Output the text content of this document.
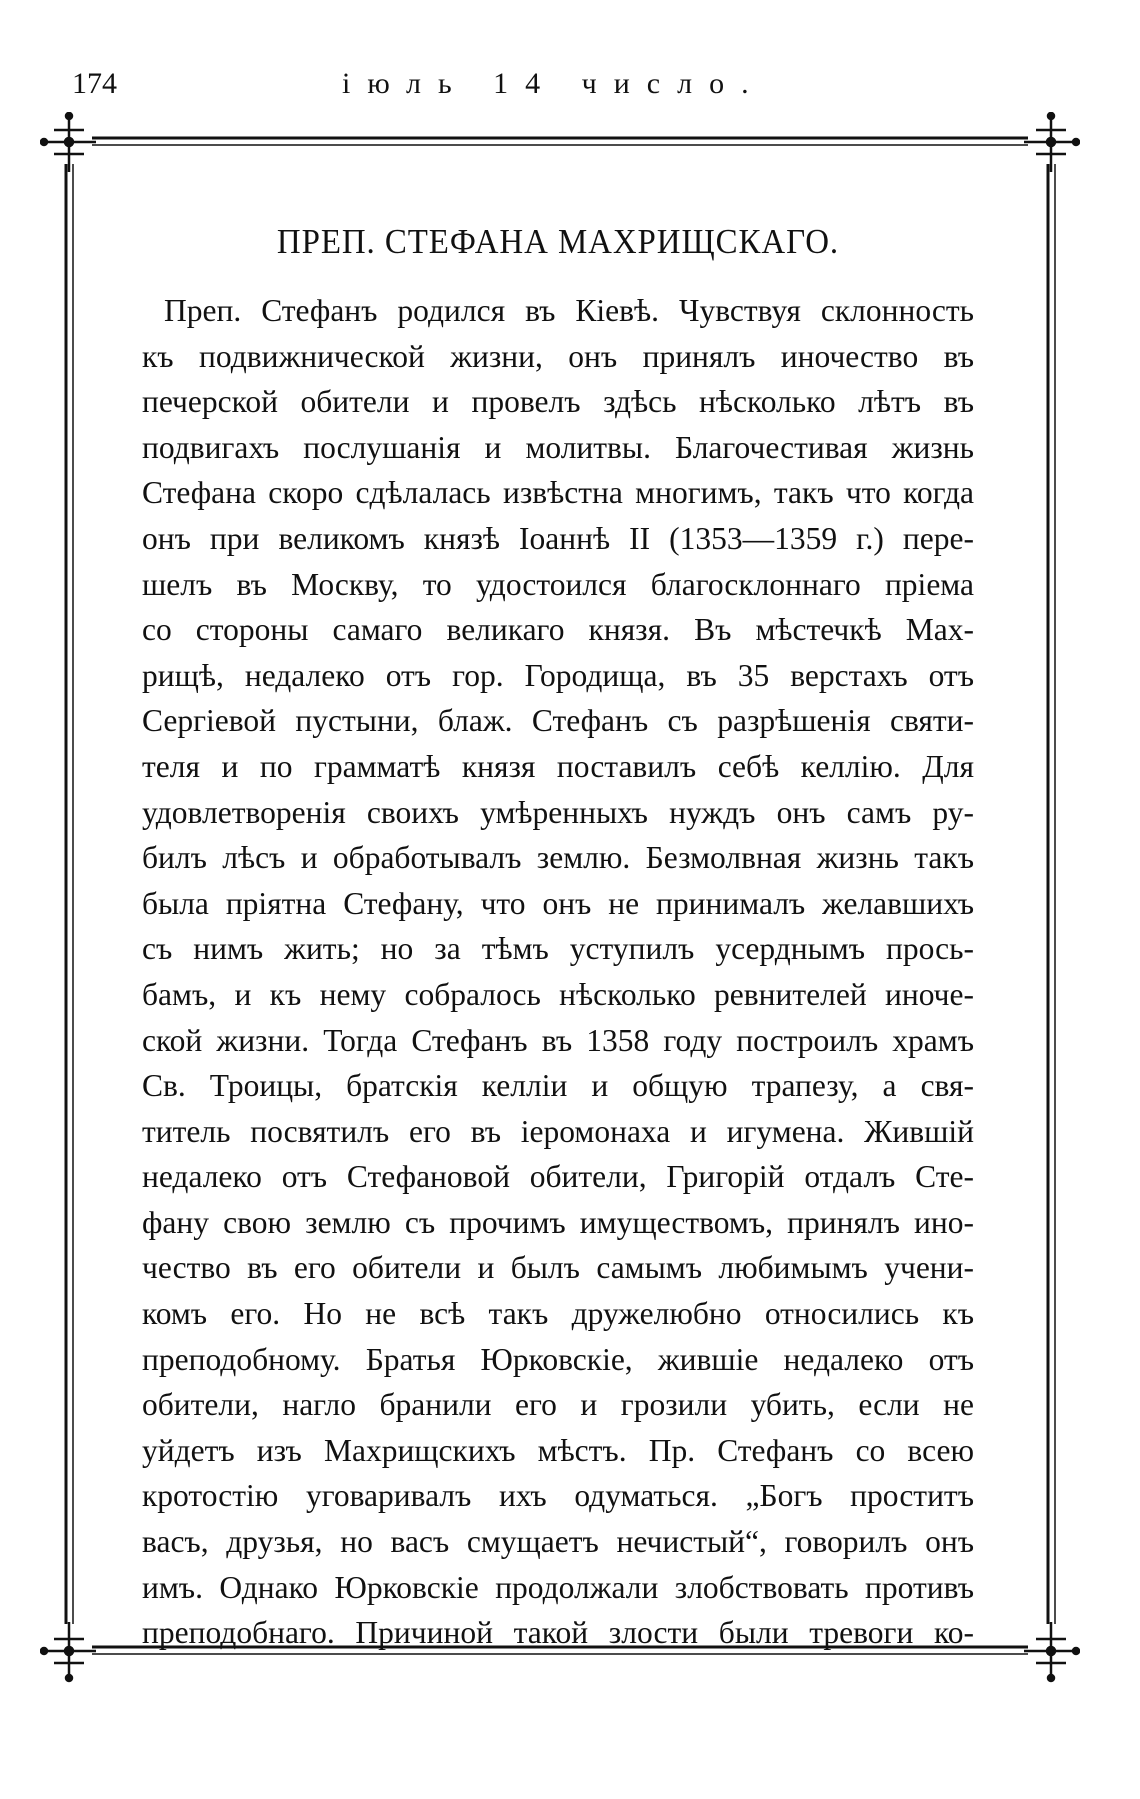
174	іюль 14 число.
ПРЕП. СТЕФАНА МАХРИЩСКАГО.
Преп. Стефанъ родился въ Кіевѣ. Чувствуя склонность
къ подвижнической жизни, онъ принялъ иночество въ
печерской обители и провелъ здѣсь нѣсколько лѣтъ въ
подвигахъ послушанія и молитвы. Благочестивая жизнь
Стефана скоро сдѣлалась извѣстна многимъ, такъ что когда
онъ при великомъ князѣ Іоаннѣ II (1353—1359 г.) пере-
шелъ въ Москву, то удостоился благосклоннаго пріема
со стороны самаго великаго князя. Въ мѣстечкѣ Мах-
рищѣ, недалеко отъ гор. Городища, въ 35 верстахъ отъ
Сергіевой пустыни, блаж. Стефанъ съ разрѣшенія святи-
теля и по грамматѣ князя поставилъ себѣ келлію. Для
удовлетворенія своихъ умѣренныхъ нуждъ онъ самъ ру-
билъ лѣсъ и обработывалъ землю. Безмолвная жизнь такъ
была пріятна Стефану, что онъ не принималъ желавшихъ
съ нимъ жить; но за тѣмъ уступилъ усерднымъ прось-
бамъ, и къ нему собралось нѣсколько ревнителей иноче-
ской жизни. Тогда Стефанъ въ 1358 году построилъ храмъ
Св. Троицы, братскія келліи и общую трапезу, а свя-
титель посвятилъ его въ іеромонаха и игумена. Жившій
недалеко отъ Стефановой обители, Григорій отдалъ Сте-
фану свою землю съ прочимъ имуществомъ, принялъ ино-
чество въ его обители и былъ самымъ любимымъ учени-
комъ его. Но не всѣ такъ дружелюбно относились къ
преподобному. Братья Юрковскіе, жившіе недалеко отъ
обители, нагло бранили его и грозили убить, если не
уйдетъ изъ Махрищскихъ мѣстъ. Пр. Стефанъ со всею
кротостію уговаривалъ ихъ одуматься. „Богъ проститъ
васъ, друзья, но васъ смущаетъ нечистый“, говорилъ онъ
имъ. Однако Юрковскіе продолжали злобствовать противъ
преподобнаго. Причиной такой злости были тревоги ко-
